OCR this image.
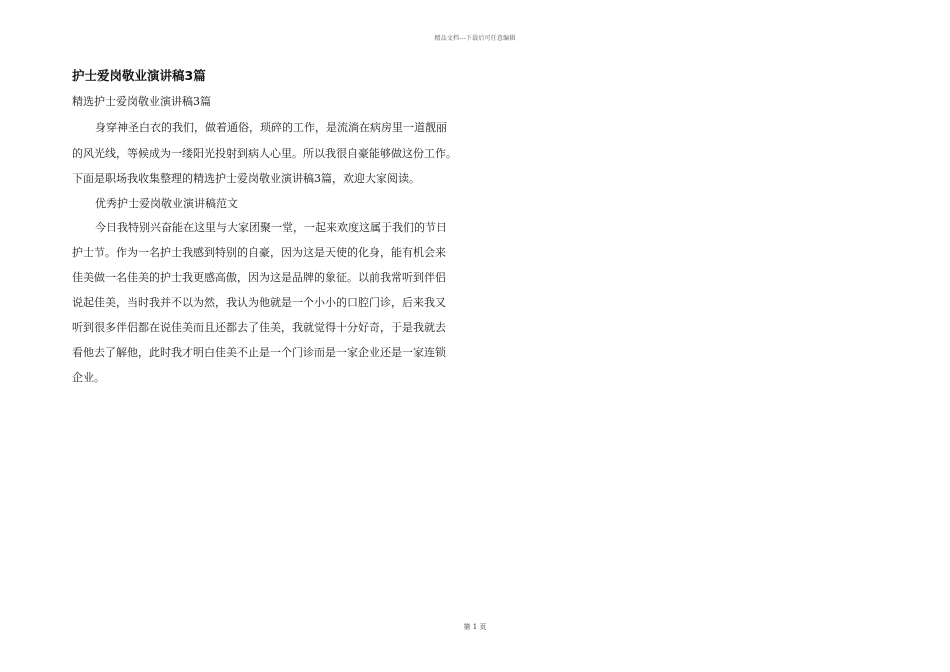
精品文档---下载后可任意编辑
护士爱岗敬业演讲稿3篇
精选护士爱岗敬业演讲稿3篇
身穿神圣白衣的我们，做着通俗，琐碎的工作，是流淌在病房里一道靓丽
的风光线，等候成为一缕阳光投射到病人心里。所以我很自豪能够做这份工作。
下面是职场我收集整理的精选护士爱岗敬业演讲稿3篇，欢迎大家阅读。
优秀护士爱岗敬业演讲稿范文
今日我特别兴奋能在这里与大家团聚一堂，一起来欢度这属于我们的节日
护士节。作为一名护士我感到特别的自豪，因为这是天使的化身，能有机会来
佳美做一名佳美的护士我更感高傲，因为这是品牌的象征。以前我常听到伴侣
说起佳美，当时我并不以为然，我认为他就是一个小小的口腔门诊，后来我又
听到很多伴侣都在说佳美而且还都去了佳美，我就觉得十分好奇，于是我就去
看他去了解他，此时我才明白佳美不止是一个门诊而是一家企业还是一家连锁
企业。
第 1 页
